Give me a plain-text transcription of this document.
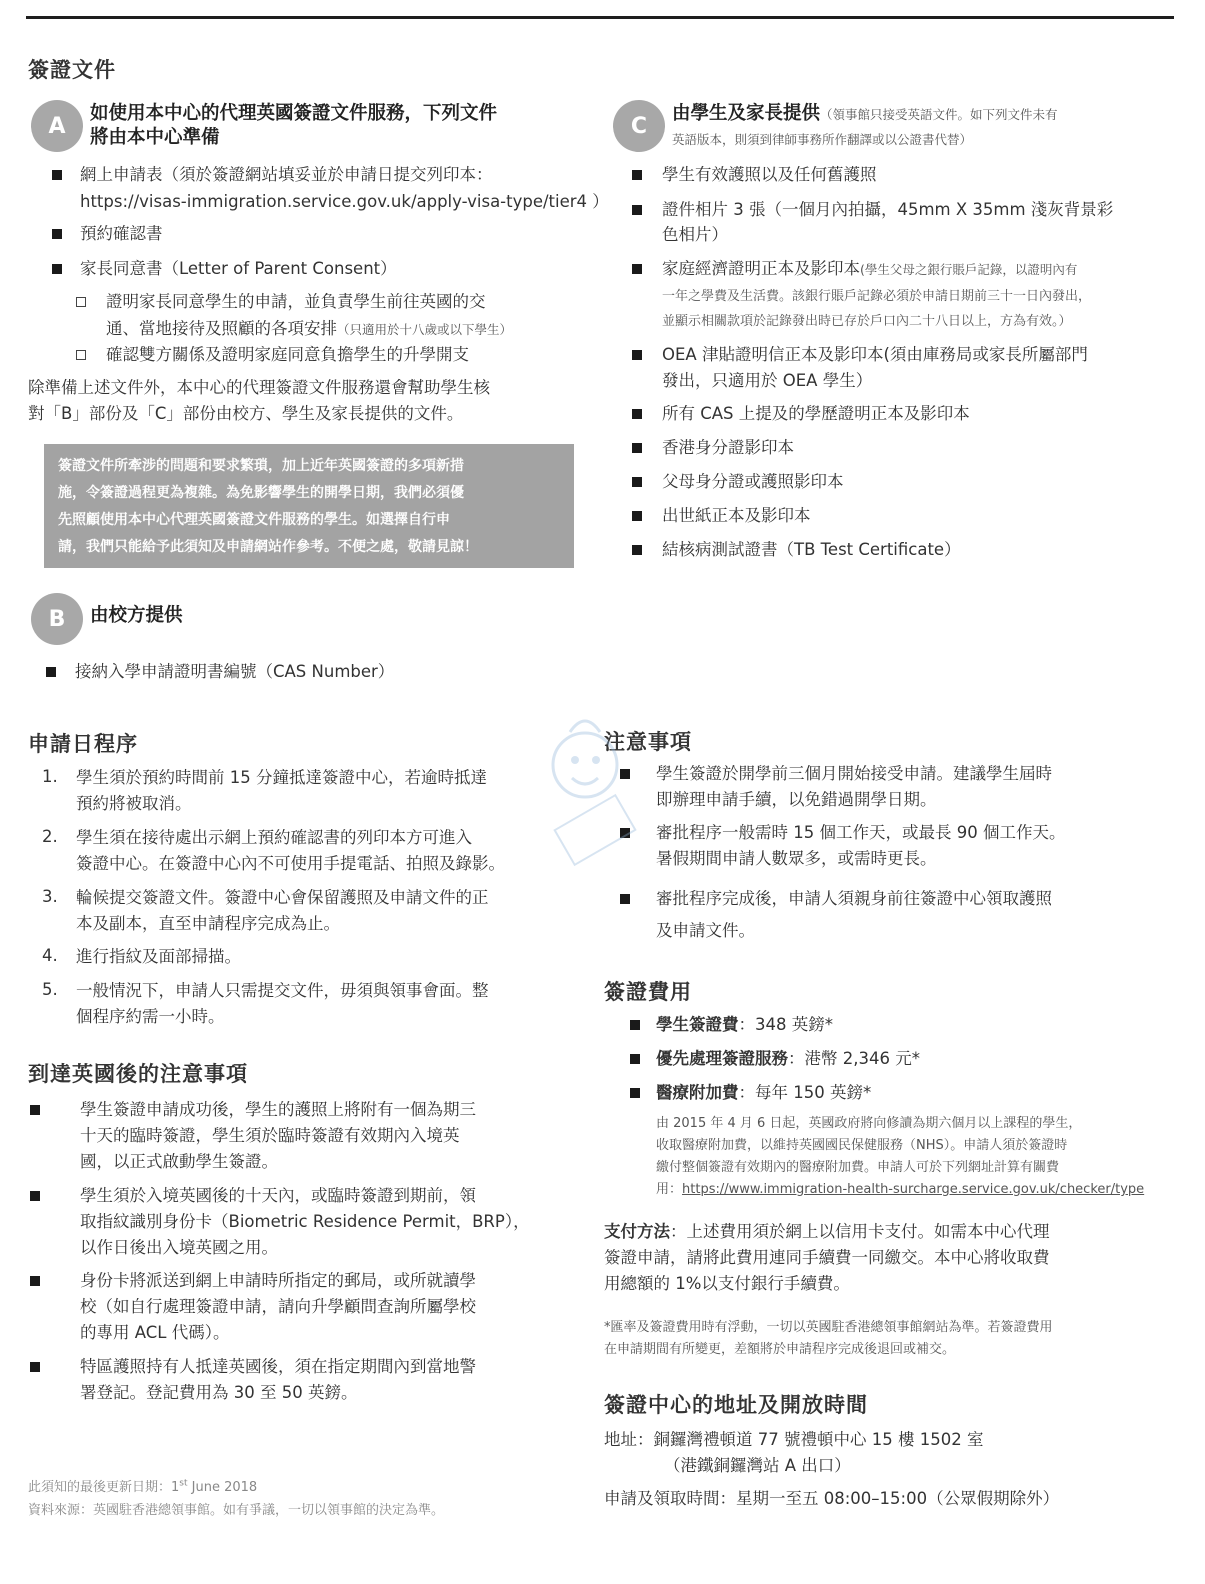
簽證文件
A	如使用本中心的代理英國簽證文件服務，下列文件
將由本中心準備
網上申請表（須於簽證網站填妥並於申請日提交列印本：
https://visas-immigration.service.gov.uk/apply-visa-type/tier4 ）
預約確認書
家長同意書（Letter of Parent Consent）
證明家長同意學生的申請，並負責學生前往英國的交
通、當地接待及照顧的各項安排（只適用於十八歲或以下學生）
確認雙方關係及證明家庭同意負擔學生的升學開支
除準備上述文件外，本中心的代理簽證文件服務還會幫助學生核
對「B」部份及「C」部份由校方、學生及家長提供的文件。
簽證文件所牽涉的問題和要求繁瑣，加上近年英國簽證的多項新措
施，令簽證過程更為複雜。為免影響學生的開學日期，我們必須優
先照顧使用本中心代理英國簽證文件服務的學生。如選擇自行申
請，我們只能給予此須知及申請網站作參考。不便之處，敬請見諒！
B	由校方提供
接納入學申請證明書編號（CAS Number）
申請日程序
1. 學生須於預約時間前 15 分鐘抵達簽證中心，若逾時抵達
預約將被取消。
2. 學生須在接待處出示網上預約確認書的列印本方可進入
簽證中心。在簽證中心內不可使用手提電話、拍照及錄影。
3. 輪候提交簽證文件。簽證中心會保留護照及申請文件的正
本及副本，直至申請程序完成為止。
4. 進行指紋及面部掃描。
5. 一般情況下，申請人只需提交文件，毋須與領事會面。整
個程序約需一小時。
到達英國後的注意事項
學生簽證申請成功後，學生的護照上將附有一個為期三
十天的臨時簽證，學生須於臨時簽證有效期內入境英
國，以正式啟動學生簽證。
學生須於入境英國後的十天內，或臨時簽證到期前，領
取指紋識別身份卡（Biometric Residence Permit，BRP），
以作日後出入境英國之用。
身份卡將派送到網上申請時所指定的郵局，或所就讀學
校（如自行處理簽證申請，請向升學顧問查詢所屬學校
的專用 ACL 代碼）。
特區護照持有人抵達英國後，須在指定期間內到當地警
署登記。登記費用為 30 至 50 英鎊。
此須知的最後更新日期：1st June 2018
資料來源：英國駐香港總領事館。如有爭議，一切以領事館的決定為準。
C	由學生及家長提供（領事館只接受英語文件。如下列文件未有
英語版本，則須到律師事務所作翻譯或以公證書代替）
學生有效護照以及任何舊護照
證件相片 3 張（一個月內拍攝，45mm X 35mm 淺灰背景彩
色相片）
家庭經濟證明正本及影印本(學生父母之銀行賬戶記錄，以證明內有
一年之學費及生活費。該銀行賬戶記錄必須於申請日期前三十一日內發出，
並顯示相關款項於記錄發出時已存於戶口內二十八日以上，方為有效。）
OEA 津貼證明信正本及影印本(須由庫務局或家長所屬部門
發出，只適用於 OEA 學生）
所有 CAS 上提及的學歷證明正本及影印本
香港身分證影印本
父母身分證或護照影印本
出世紙正本及影印本
結核病測試證書（TB Test Certificate）
注意事項
學生簽證於開學前三個月開始接受申請。建議學生屆時
即辦理申請手續，以免錯過開學日期。
審批程序一般需時 15 個工作天，或最長 90 個工作天。
暑假期間申請人數眾多，或需時更長。
審批程序完成後，申請人須親身前往簽證中心領取護照
及申請文件。
簽證費用
學生簽證費：348 英鎊*
優先處理簽證服務：港幣 2,346 元*
醫療附加費：每年 150 英鎊*
由 2015 年 4 月 6 日起，英國政府將向修讀為期六個月以上課程的學生，
收取醫療附加費，以維持英國國民保健服務（NHS）。申請人須於簽證時
繳付整個簽證有效期內的醫療附加費。申請人可於下列網址計算有關費
用：https://www.immigration-health-surcharge.service.gov.uk/checker/type
支付方法：上述費用須於網上以信用卡支付。如需本中心代理
簽證申請，請將此費用連同手續費一同繳交。本中心將收取費
用總額的 1%以支付銀行手續費。
*匯率及簽證費用時有浮動，一切以英國駐香港總領事館網站為準。若簽證費用
在申請期間有所變更，差額將於申請程序完成後退回或補交。
簽證中心的地址及開放時間
地址：銅鑼灣禮頓道 77 號禮頓中心 15 樓 1502 室
（港鐵銅鑼灣站 A 出口）
申請及領取時間：星期一至五 08:00–15:00（公眾假期除外）
